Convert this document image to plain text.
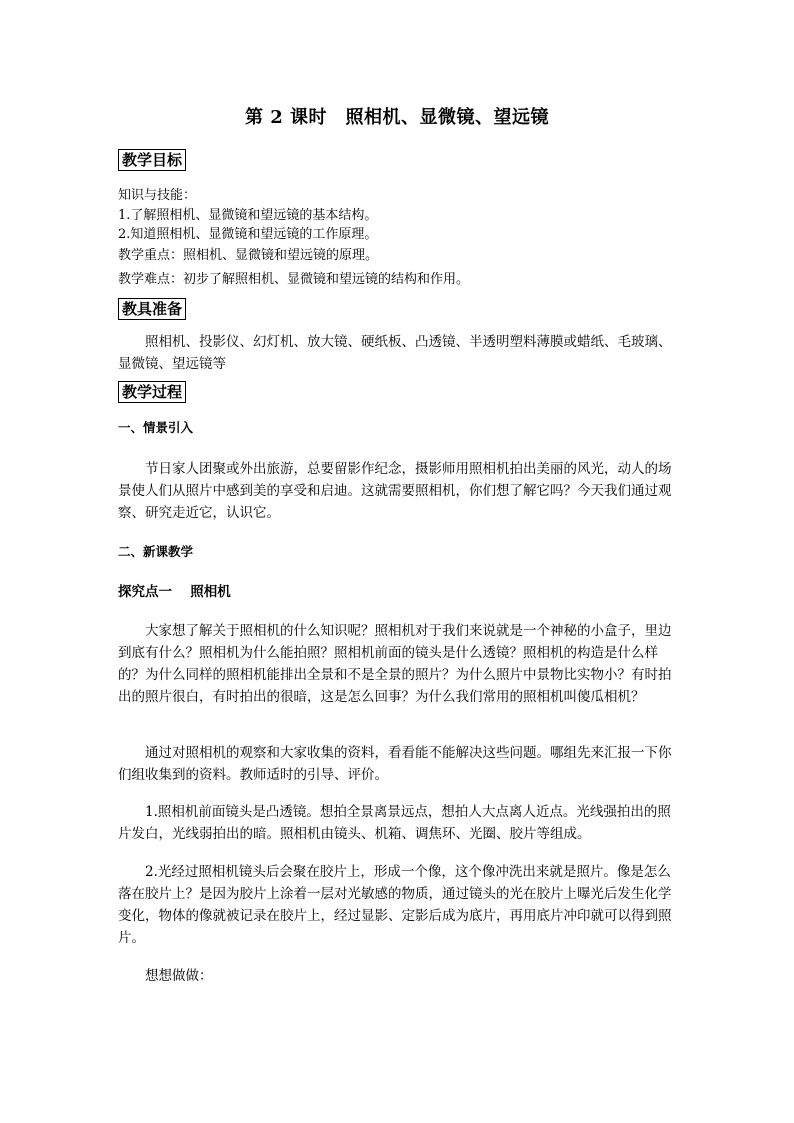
第 2 课时　照相机、显微镜、望远镜
教学目标
知识与技能：
1.了解照相机、显微镜和望远镜的基本结构。
2.知道照相机、显微镜和望远镜的工作原理。
教学重点：照相机、显微镜和望远镜的原理。
教学难点：初步了解照相机、显微镜和望远镜的结构和作用。
教具准备
照相机、投影仪、幻灯机、放大镜、硬纸板、凸透镜、半透明塑料薄膜或蜡纸、毛玻璃、显微镜、望远镜等
教学过程
一、情景引入
节日家人团聚或外出旅游，总要留影作纪念，摄影师用照相机拍出美丽的风光，动人的场景使人们从照片中感到美的享受和启迪。这就需要照相机，你们想了解它吗？今天我们通过观察、研究走近它，认识它。
二、新课教学
探究点一　 照相机
大家想了解关于照相机的什么知识呢？照相机对于我们来说就是一个神秘的小盒子，里边到底有什么？照相机为什么能拍照？照相机前面的镜头是什么透镜？照相机的构造是什么样的？为什么同样的照相机能排出全景和不是全景的照片？为什么照片中景物比实物小？有时拍出的照片很白，有时拍出的很暗，这是怎么回事？为什么我们常用的照相机叫傻瓜相机？
通过对照相机的观察和大家收集的资料，看看能不能解决这些问题。哪组先来汇报一下你们组收集到的资料。教师适时的引导、评价。
1.照相机前面镜头是凸透镜。想拍全景离景远点，想拍人大点离人近点。光线强拍出的照片发白，光线弱拍出的暗。照相机由镜头、机箱、调焦环、光圈、胶片等组成。
2.光经过照相机镜头后会聚在胶片上，形成一个像，这个像冲洗出来就是照片。像是怎么落在胶片上？是因为胶片上涂着一层对光敏感的物质，通过镜头的光在胶片上曝光后发生化学变化，物体的像就被记录在胶片上，经过显影、定影后成为底片，再用底片冲印就可以得到照片。
想想做做：
